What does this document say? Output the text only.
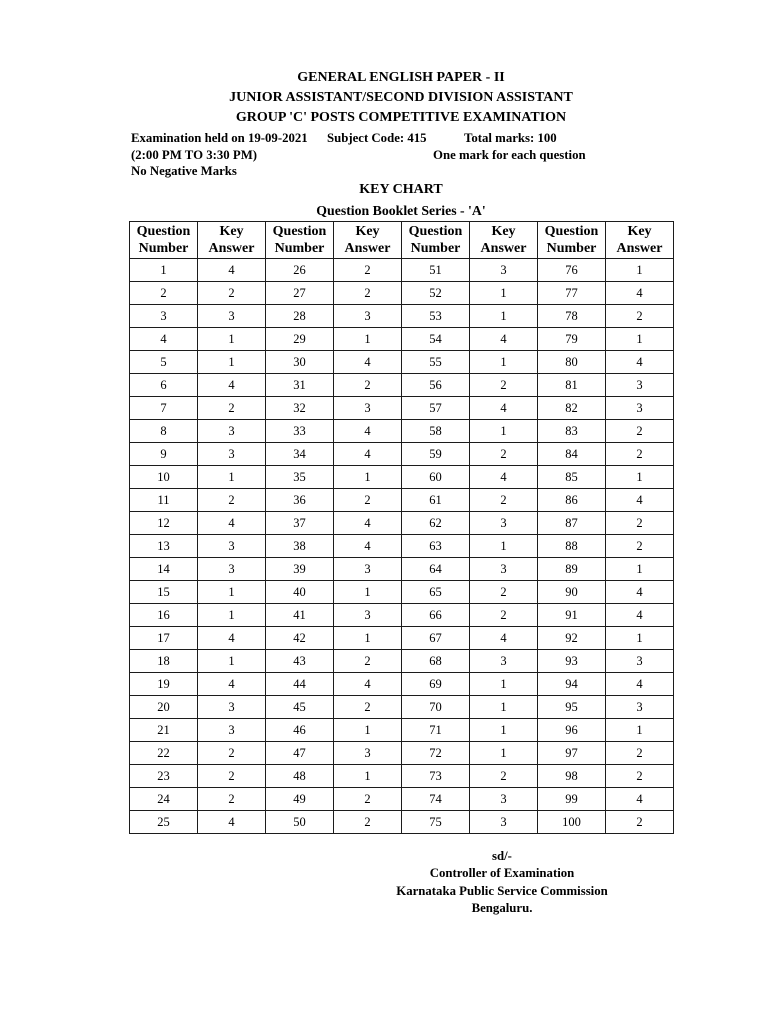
GENERAL ENGLISH PAPER - II
JUNIOR ASSISTANT/SECOND DIVISION ASSISTANT
GROUP 'C' POSTS COMPETITIVE EXAMINATION
Examination held on 19-09-2021 Subject Code: 415	Total marks: 100
(2:00 PM TO 3:30 PM)	One mark for each question
No Negative Marks
KEY CHART
Question Booklet Series - 'A'
Question Number	Key Answer	Question Number	Key Answer	Question Number	Key Answer	Question Number	Key Answer
1	4	26	2	51	3	76	1
2	2	27	2	52	1	77	4
3	3	28	3	53	1	78	2
4	1	29	1	54	4	79	1
5	1	30	4	55	1	80	4
6	4	31	2	56	2	81	3
7	2	32	3	57	4	82	3
8	3	33	4	58	1	83	2
9	3	34	4	59	2	84	2
10	1	35	1	60	4	85	1
11	2	36	2	61	2	86	4
12	4	37	4	62	3	87	2
13	3	38	4	63	1	88	2
14	3	39	3	64	3	89	1
15	1	40	1	65	2	90	4
16	1	41	3	66	2	91	4
17	4	42	1	67	4	92	1
18	1	43	2	68	3	93	3
19	4	44	4	69	1	94	4
20	3	45	2	70	1	95	3
21	3	46	1	71	1	96	1
22	2	47	3	72	1	97	2
23	2	48	1	73	2	98	2
24	2	49	2	74	3	99	4
25	4	50	2	75	3	100	2
sd/-
Controller of Examination
Karnataka Public Service Commission
Bengaluru.
